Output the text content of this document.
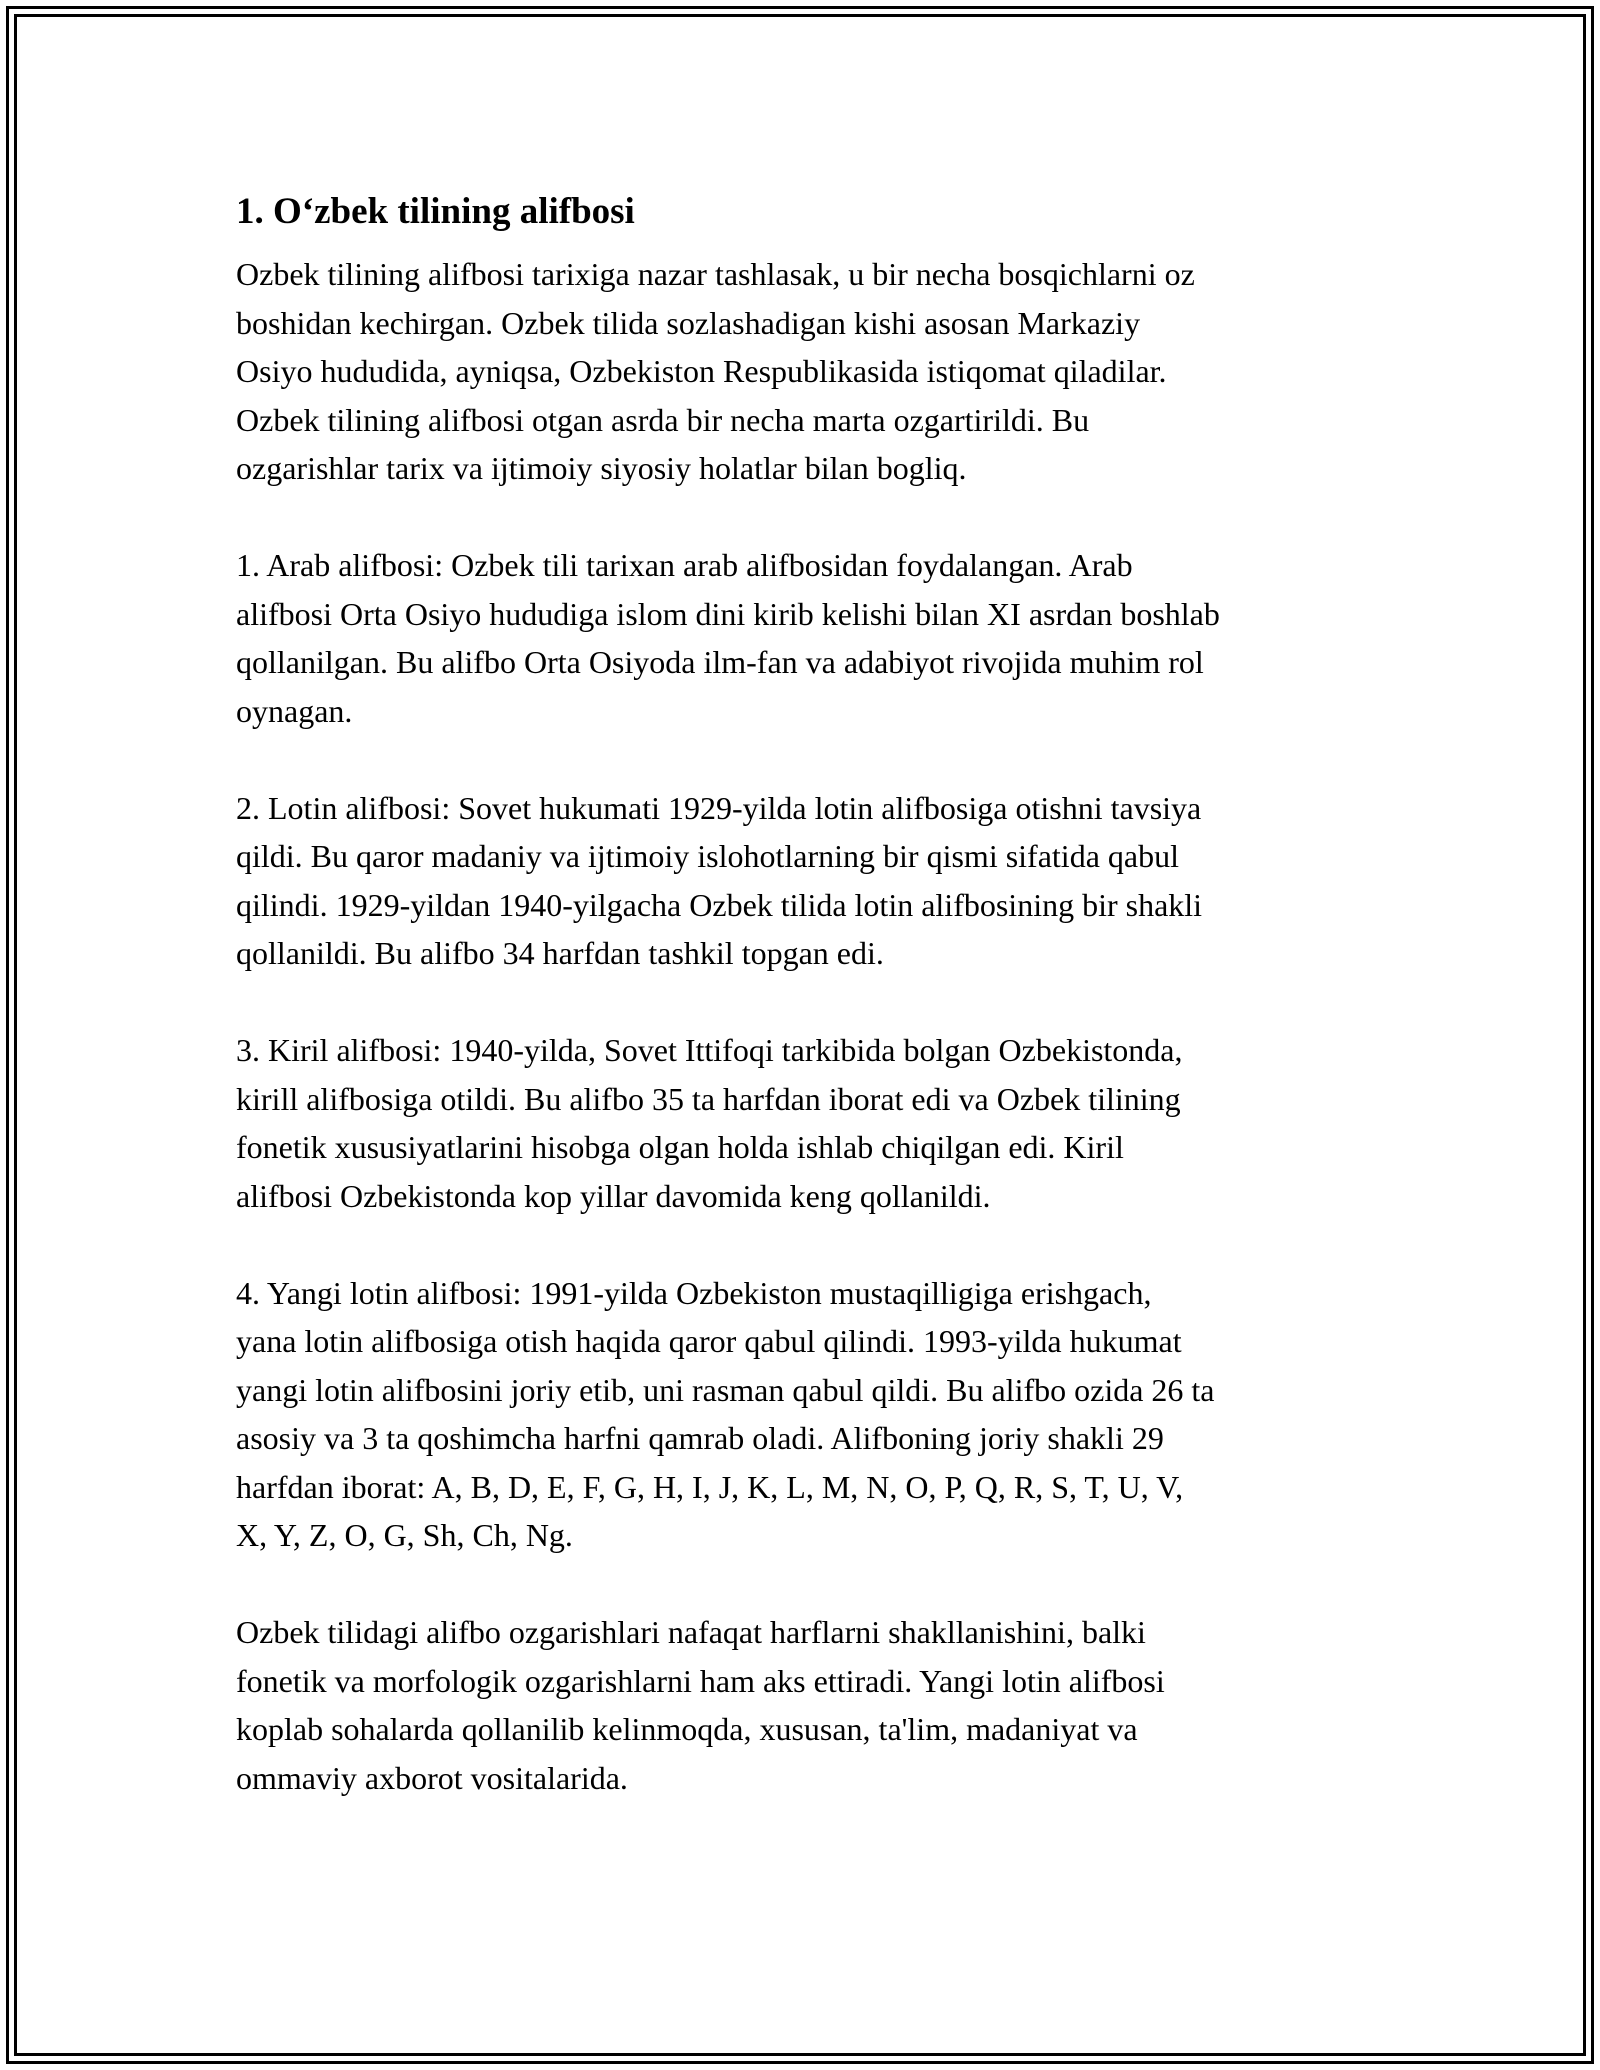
1. O‘zbek tilining alifbosi

Ozbek tilining alifbosi tarixiga nazar tashlasak, u bir necha bosqichlarni oz
boshidan kechirgan. Ozbek tilida sozlashadigan kishi asosan Markaziy
Osiyo hududida, ayniqsa, Ozbekiston Respublikasida istiqomat qiladilar.
Ozbek tilining alifbosi otgan asrda bir necha marta ozgartirildi. Bu
ozgarishlar tarix va ijtimoiy siyosiy holatlar bilan bogliq.

1. Arab alifbosi: Ozbek tili tarixan arab alifbosidan foydalangan. Arab
alifbosi Orta Osiyo hududiga islom dini kirib kelishi bilan XI asrdan boshlab
qollanilgan. Bu alifbo Orta Osiyoda ilm-fan va adabiyot rivojida muhim rol
oynagan.

2. Lotin alifbosi: Sovet hukumati 1929-yilda lotin alifbosiga otishni tavsiya
qildi. Bu qaror madaniy va ijtimoiy islohotlarning bir qismi sifatida qabul
qilindi. 1929-yildan 1940-yilgacha Ozbek tilida lotin alifbosining bir shakli
qollanildi. Bu alifbo 34 harfdan tashkil topgan edi.

3. Kiril alifbosi: 1940-yilda, Sovet Ittifoqi tarkibida bolgan Ozbekistonda,
kirill alifbosiga otildi. Bu alifbo 35 ta harfdan iborat edi va Ozbek tilining
fonetik xususiyatlarini hisobga olgan holda ishlab chiqilgan edi. Kiril
alifbosi Ozbekistonda kop yillar davomida keng qollanildi.

4. Yangi lotin alifbosi: 1991-yilda Ozbekiston mustaqilligiga erishgach,
yana lotin alifbosiga otish haqida qaror qabul qilindi. 1993-yilda hukumat
yangi lotin alifbosini joriy etib, uni rasman qabul qildi. Bu alifbo ozida 26 ta
asosiy va 3 ta qoshimcha harfni qamrab oladi. Alifboning joriy shakli 29
harfdan iborat: A, B, D, E, F, G, H, I, J, K, L, M, N, O, P, Q, R, S, T, U, V,
X, Y, Z, O, G, Sh, Ch, Ng.

Ozbek tilidagi alifbo ozgarishlari nafaqat harflarni shakllanishini, balki
fonetik va morfologik ozgarishlarni ham aks ettiradi. Yangi lotin alifbosi
koplab sohalarda qollanilib kelinmoqda, xususan, ta'lim, madaniyat va
ommaviy axborot vositalarida.
